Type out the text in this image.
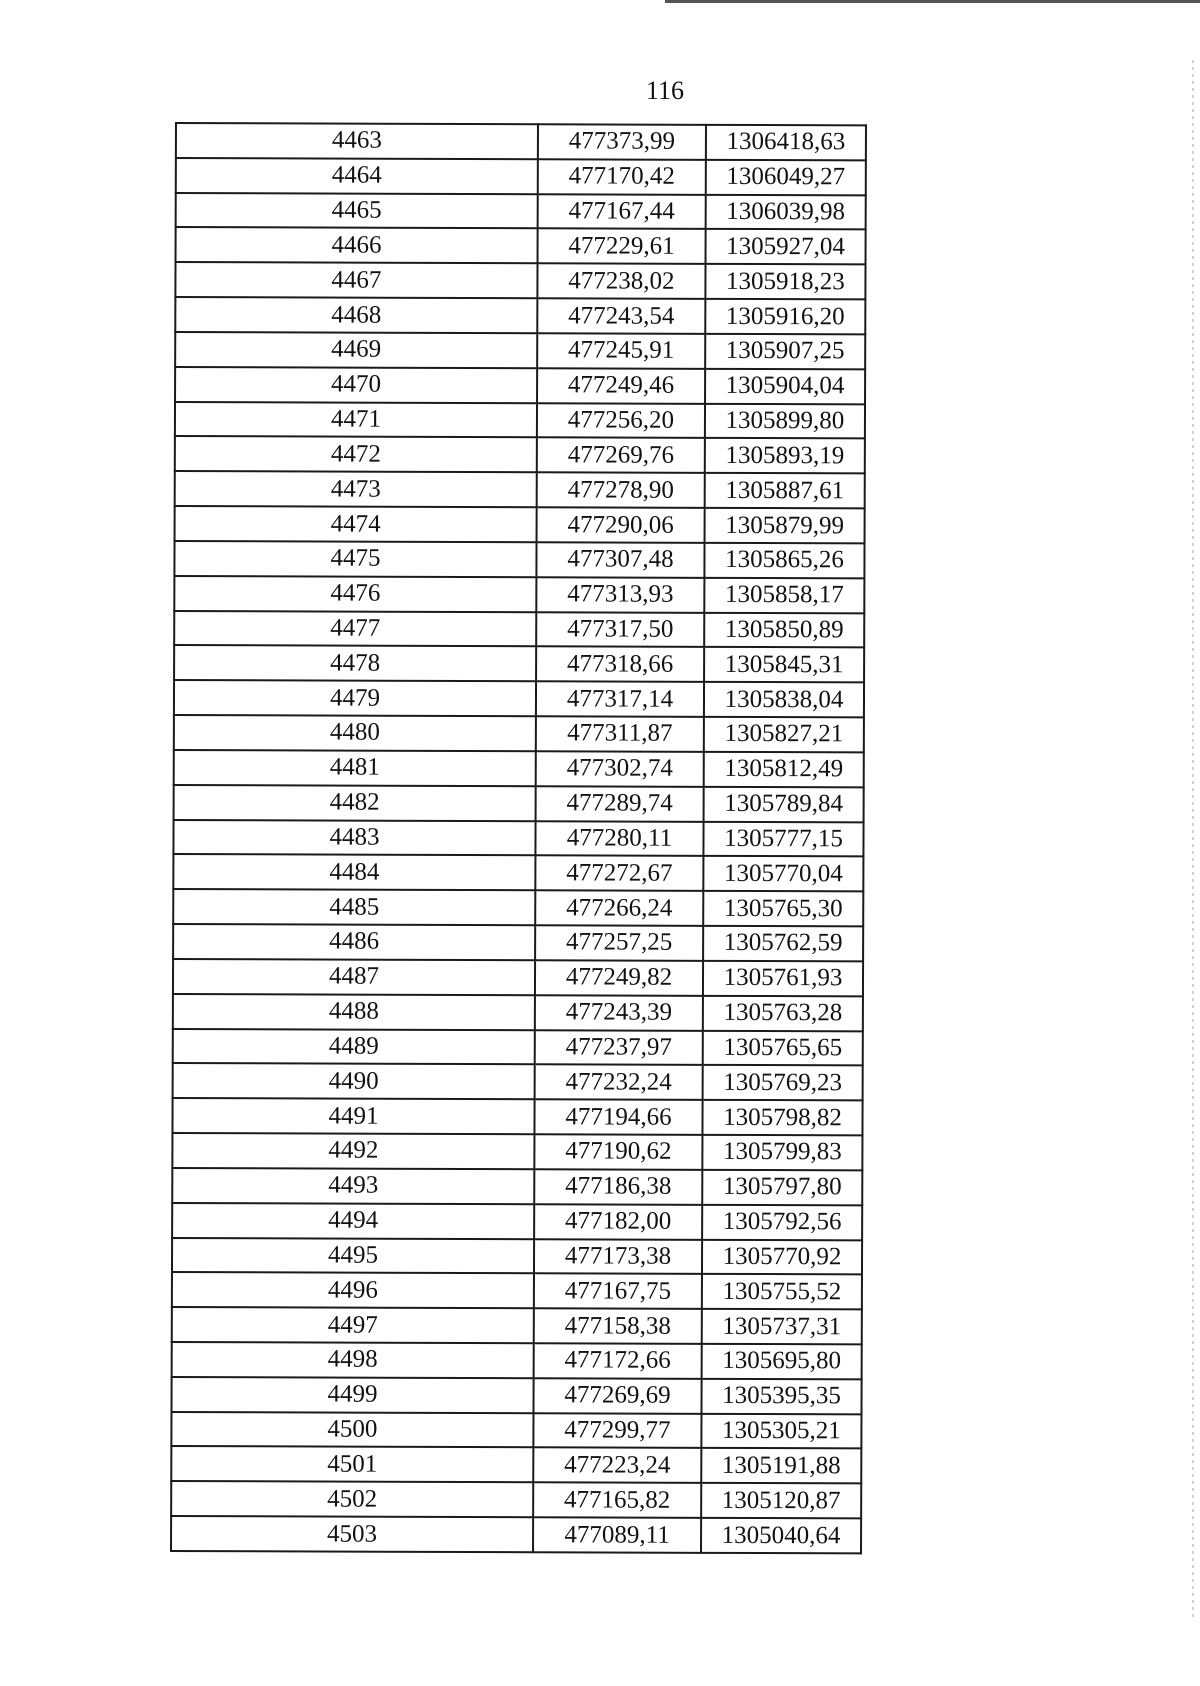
116
4463	477373,99	1306418,63
4464	477170,42	1306049,27
4465	477167,44	1306039,98
4466	477229,61	1305927,04
4467	477238,02	1305918,23
4468	477243,54	1305916,20
4469	477245,91	1305907,25
4470	477249,46	1305904,04
4471	477256,20	1305899,80
4472	477269,76	1305893,19
4473	477278,90	1305887,61
4474	477290,06	1305879,99
4475	477307,48	1305865,26
4476	477313,93	1305858,17
4477	477317,50	1305850,89
4478	477318,66	1305845,31
4479	477317,14	1305838,04
4480	477311,87	1305827,21
4481	477302,74	1305812,49
4482	477289,74	1305789,84
4483	477280,11	1305777,15
4484	477272,67	1305770,04
4485	477266,24	1305765,30
4486	477257,25	1305762,59
4487	477249,82	1305761,93
4488	477243,39	1305763,28
4489	477237,97	1305765,65
4490	477232,24	1305769,23
4491	477194,66	1305798,82
4492	477190,62	1305799,83
4493	477186,38	1305797,80
4494	477182,00	1305792,56
4495	477173,38	1305770,92
4496	477167,75	1305755,52
4497	477158,38	1305737,31
4498	477172,66	1305695,80
4499	477269,69	1305395,35
4500	477299,77	1305305,21
4501	477223,24	1305191,88
4502	477165,82	1305120,87
4503	477089,11	1305040,64
